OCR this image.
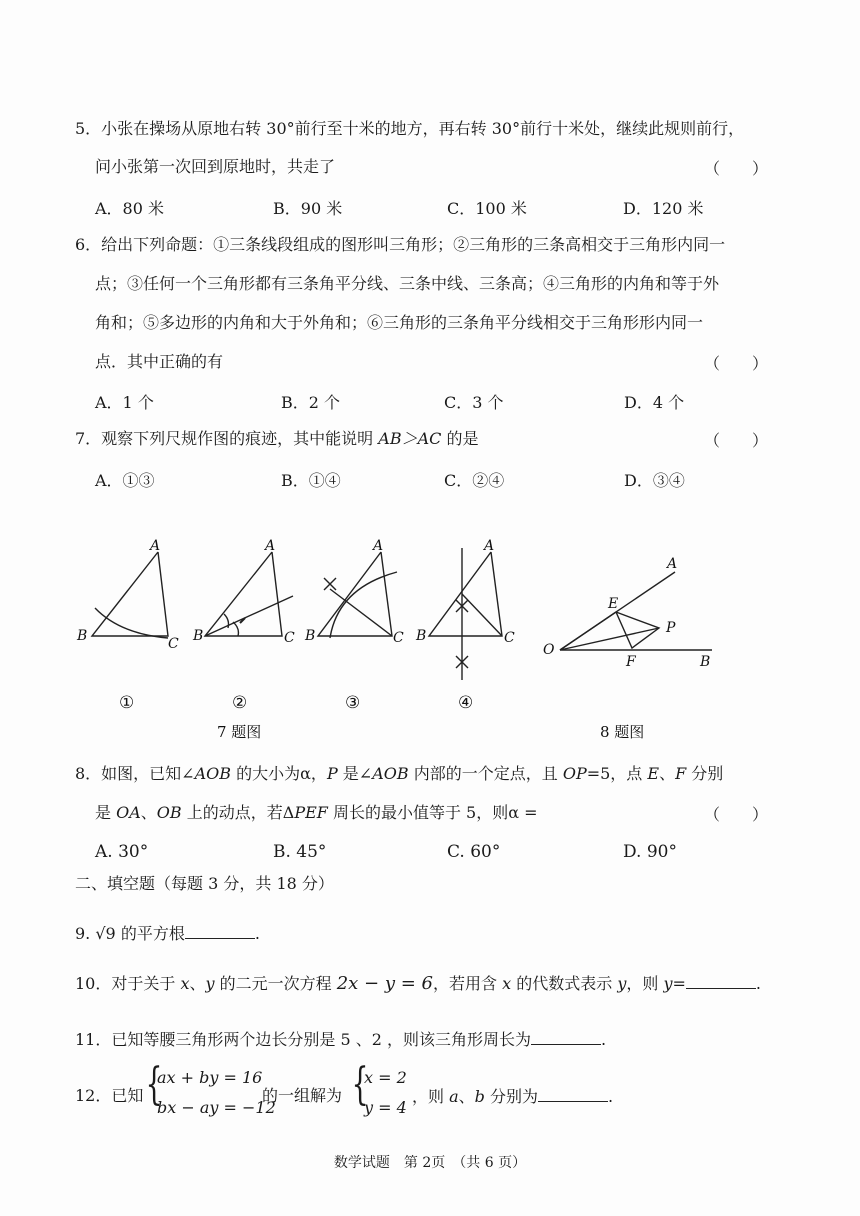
5．小张在操场从原地右转 30°前行至十米的地方，再右转 30°前行十米处，继续此规则前行，
问小张第一次回到原地时，共走了	（　　）
A．80 米	B．90 米	C．100 米	D．120 米
6．给出下列命题：①三条线段组成的图形叫三角形；②三角形的三条高相交于三角形内同一
点；③任何一个三角形都有三条角平分线、三条中线、三条高；④三角形的内角和等于外
角和；⑤多边形的内角和大于外角和；⑥三角形的三条角平分线相交于三角形形内同一
点．其中正确的有	（　　）
A．1 个	B．2 个	C．3 个	D．4 个
7．观察下列尺规作图的痕迹，其中能说明 AB＞AC 的是	（　　）
A．①③	B．①④	C．②④	D．③④
A
B	C
A
B	C
A
B	C
A
B	C
A
B
O
E
F
P
①	②	③	④
7 题图	8 题图
8．如图，已知∠AOB 的大小为α，P 是∠AOB 内部的一个定点，且 OP=5，点 E、F 分别
是 OA、OB 上的动点，若ΔPEF 周长的最小值等于 5，则α =	（　　）
A. 30°	B. 45°	C. 60°	D. 90°
二、填空题（每题 3 分，共 18 分）
9. √9 的平方根	.
10．对于关于 x、y 的二元一次方程 2x − y = 6，若用含 x 的代数式表示 y，则 y=	.
11．已知等腰三角形两个边长分别是 5 、2 ，则该三角形周长为	.
12．已知 {
ax + by = 16
bx − ay = −12
的一组解为 {
x = 2
y = 4
，则 a、b 分别为	.
数学试题　第 2页　（共 6 页）
